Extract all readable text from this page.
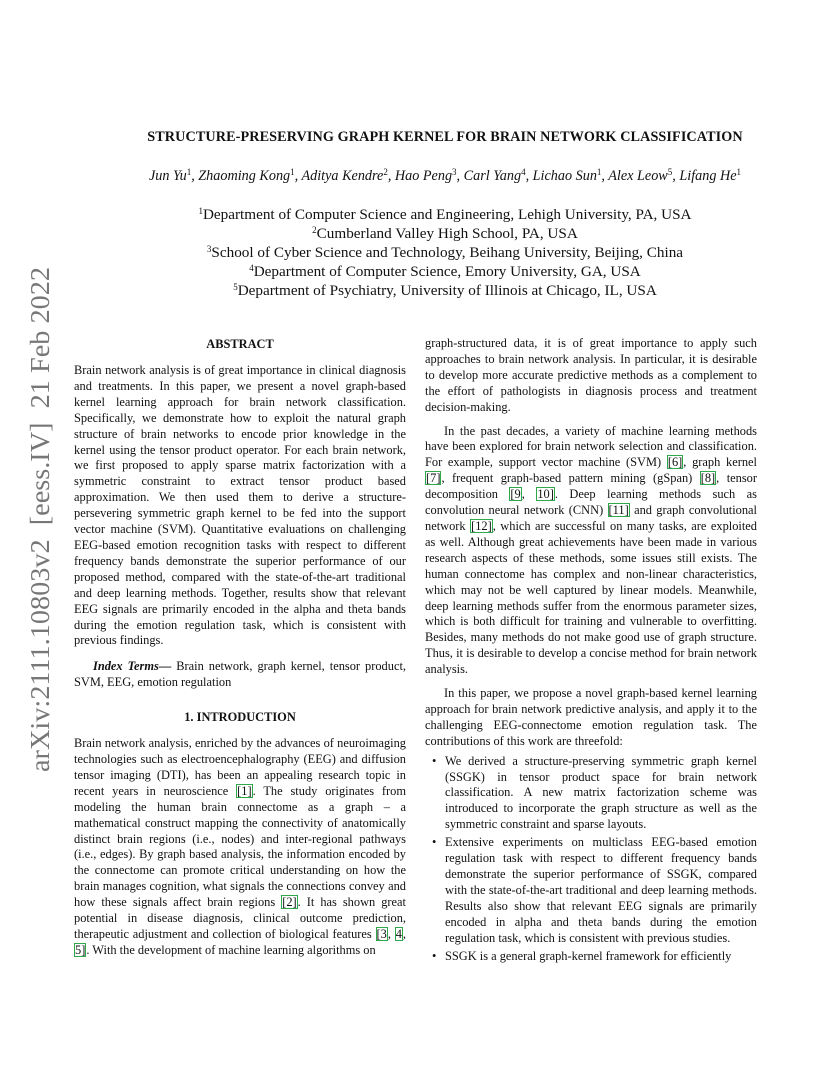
arXiv:2111.10803v2  [eess.IV]  21 Feb 2022
STRUCTURE-PRESERVING GRAPH KERNEL FOR BRAIN NETWORK CLASSIFICATION
Jun Yu$^1$, Zhaoming Kong$^1$, Aditya Kendre$^2$, Hao Peng$^3$, Carl Yang$^4$, Lichao Sun$^1$, Alex Leow$^5$, Lifang He$^1$
$^1$Department of Computer Science and Engineering, Lehigh University, PA, USA
$^2$Cumberland Valley High School, PA, USA
$^3$School of Cyber Science and Technology, Beihang University, Beijing, China
$^4$Department of Computer Science, Emory University, GA, USA
$^5$Department of Psychiatry, University of Illinois at Chicago, IL, USA
ABSTRACT

Brain network analysis is of great importance in clinical diagnosis and treatments. In this paper, we present a novel graph-based kernel learning approach for brain network classification. Specifically, we demonstrate how to exploit the natural graph structure of brain networks to encode prior knowledge in the kernel using the tensor product operator. For each brain network, we first proposed to apply sparse matrix factorization with a symmetric constraint to extract tensor product based approximation. We then used them to derive a structure-persevering symmetric graph kernel to be fed into the support vector machine (SVM). Quantitative evaluations on challenging EEG-based emotion recognition tasks with respect to different frequency bands demonstrate the superior performance of our proposed method, compared with the state-of-the-art traditional and deep learning methods. Together, results show that relevant EEG signals are primarily encoded in the alpha and theta bands during the emotion regulation task, which is consistent with previous findings.

Index Terms— Brain network, graph kernel, tensor product, SVM, EEG, emotion regulation

1. INTRODUCTION

Brain network analysis, enriched by the advances of neuroimaging technologies such as electroencephalography (EEG) and diffusion tensor imaging (DTI), has been an appealing research topic in recent years in neuroscience [1]. The study originates from modeling the human brain connectome as a graph – a mathematical construct mapping the connectivity of anatomically distinct brain regions (i.e., nodes) and inter-regional pathways (i.e., edges). By graph based analysis, the information encoded by the connectome can promote critical understanding on how the brain manages cognition, what signals the connections convey and how these signals affect brain regions [2]. It has shown great potential in disease diagnosis, clinical outcome prediction, therapeutic adjustment and collection of biological features [3, 4, 5]. With the development of machine learning algorithms on

graph-structured data, it is of great importance to apply such approaches to brain network analysis. In particular, it is desirable to develop more accurate predictive methods as a complement to the effort of pathologists in diagnosis process and treatment decision-making.

In the past decades, a variety of machine learning methods have been explored for brain network selection and classification. For example, support vector machine (SVM) [6], graph kernel [7], frequent graph-based pattern mining (gSpan) [8], tensor decomposition [9, 10]. Deep learning methods such as convolution neural network (CNN) [11] and graph convolutional network [12], which are successful on many tasks, are exploited as well. Although great achievements have been made in various research aspects of these methods, some issues still exists. The human connectome has complex and non-linear characteristics, which may not be well captured by linear models. Meanwhile, deep learning methods suffer from the enormous parameter sizes, which is both difficult for training and vulnerable to overfitting. Besides, many methods do not make good use of graph structure. Thus, it is desirable to develop a concise method for brain network analysis.

In this paper, we propose a novel graph-based kernel learning approach for brain network predictive analysis, and apply it to the challenging EEG-connectome emotion regulation task. The contributions of this work are threefold:

• We derived a structure-preserving symmetric graph kernel (SSGK) in tensor product space for brain network classification. A new matrix factorization scheme was introduced to incorporate the graph structure as well as the symmetric constraint and sparse layouts.
• Extensive experiments on multiclass EEG-based emotion regulation task with respect to different frequency bands demonstrate the superior performance of SSGK, compared with the state-of-the-art traditional and deep learning methods. Results also show that relevant EEG signals are primarily encoded in alpha and theta bands during the emotion regulation task, which is consistent with previous studies.
• SSGK is a general graph-kernel framework for efficiently
